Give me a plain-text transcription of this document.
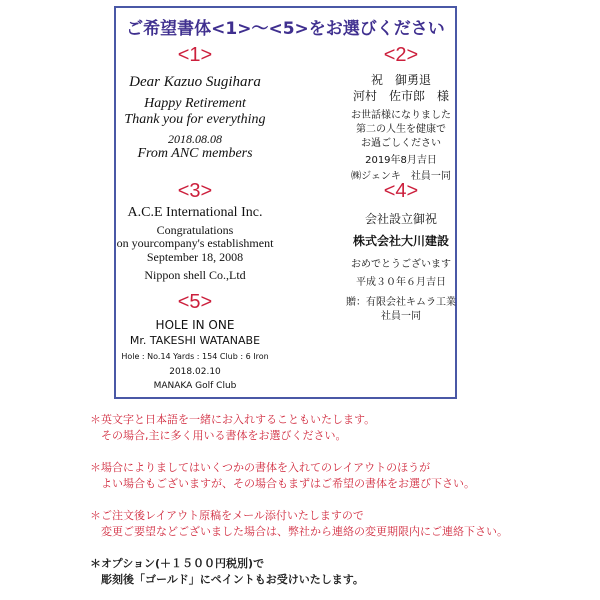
ご希望書体<1>〜<5>をお選びください
<1>
Dear Kazuo Sugihara
Happy Retirement
Thank you for everything
2018.08.08
From ANC members
<2>
祝　御勇退
河村　佐市郎　様
お世話様になりました
第二の人生を健康で
お過ごしください
2019年8月吉日
㈱ジェンキ　社員一同
<3>
A.C.E International Inc.
Congratulations
on yourcompany's establishment
September 18, 2008
Nippon shell Co.,Ltd
<4>
会社設立御祝
株式会社大川建設
おめでとうございます
平成３０年６月吉日
贈：有限会社キムラ工業
社員一同
<5>
HOLE IN ONE
Mr. TAKESHI WATANABE
Hole : No.14 Yards : 154 Club : 6 Iron
2018.02.10
MANAKA Golf Club
＊英文字と日本語を一緒にお入れすることもいたします。
　その場合,主に多く用いる書体をお選びください。
＊場合によりましてはいくつかの書体を入れてのレイアウトのほうが
　よい場合もございますが、その場合もまずはご希望の書体をお選び下さい。
＊ご注文後レイアウト原稿をメール添付いたしますので
　変更ご要望などございました場合は、弊社から連絡の変更期限内にご連絡下さい。
＊オプション(＋１５００円税別)で
　彫刻後「ゴールド」にペイントもお受けいたします。
